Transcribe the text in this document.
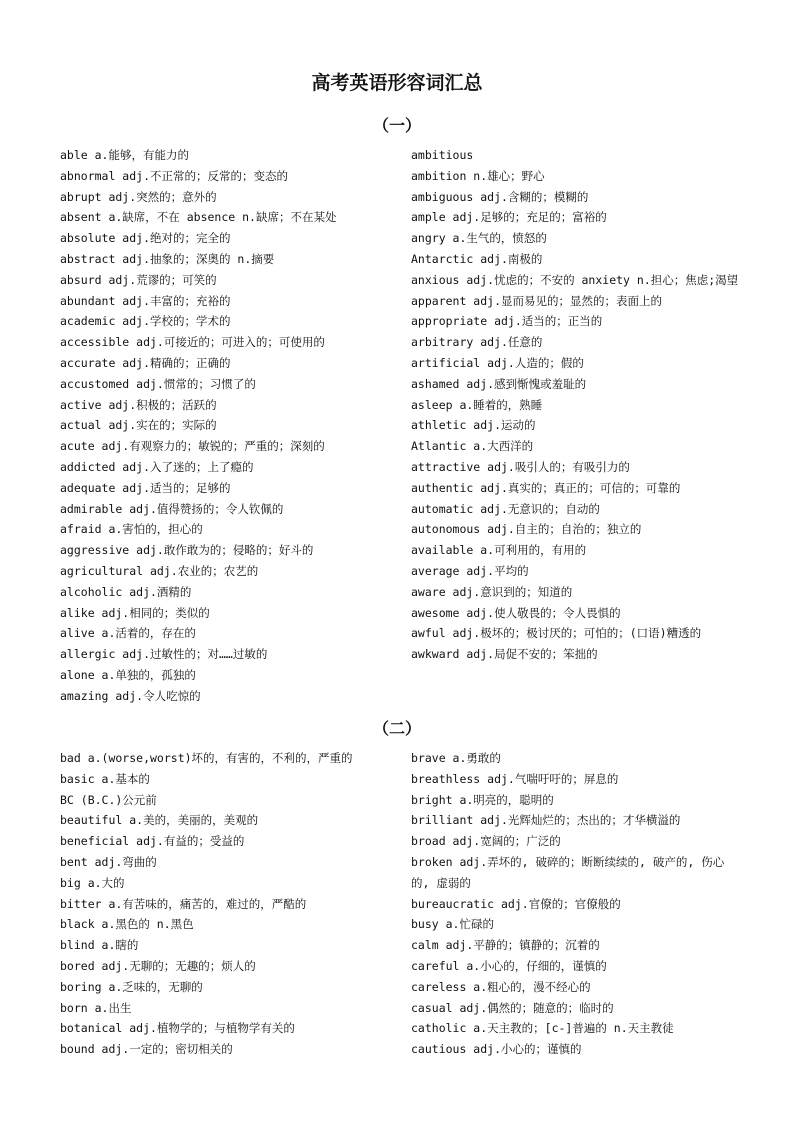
高考英语形容词汇总
（一）
able a.能够，有能力的
abnormal adj.不正常的；反常的；变态的
abrupt adj.突然的；意外的
absent a.缺席，不在 absence n.缺席；不在某处
absolute adj.绝对的；完全的
abstract adj.抽象的；深奥的 n.摘要
absurd adj.荒谬的；可笑的
abundant adj.丰富的；充裕的
academic adj.学校的；学术的
accessible adj.可接近的；可进入的；可使用的
accurate adj.精确的；正确的
accustomed adj.惯常的；习惯了的
active adj.积极的；活跃的
actual adj.实在的；实际的
acute adj.有观察力的；敏锐的；严重的；深刻的
addicted adj.入了迷的；上了瘾的
adequate adj.适当的；足够的
admirable adj.值得赞扬的；令人钦佩的
afraid a.害怕的，担心的
aggressive adj.敢作敢为的；侵略的；好斗的
agricultural adj.农业的；农艺的
alcoholic adj.酒精的
alike adj.相同的；类似的
alive a.活着的，存在的
allergic adj.过敏性的；对……过敏的
alone a.单独的，孤独的
amazing adj.令人吃惊的
ambitious
ambition n.雄心；野心
ambiguous adj.含糊的；模糊的
ample adj.足够的；充足的；富裕的
angry a.生气的，愤怒的
Antarctic adj.南极的
anxious adj.忧虑的；不安的 anxiety n.担心；焦虑;渴望
apparent adj.显而易见的；显然的；表面上的
appropriate adj.适当的；正当的
arbitrary adj.任意的
artificial adj.人造的；假的
ashamed adj.感到惭愧或羞耻的
asleep a.睡着的，熟睡
athletic adj.运动的
Atlantic a.大西洋的
attractive adj.吸引人的；有吸引力的
authentic adj.真实的；真正的；可信的；可靠的
automatic adj.无意识的；自动的
autonomous adj.自主的；自治的；独立的
available a.可利用的，有用的
average adj.平均的
aware adj.意识到的；知道的
awesome adj.使人敬畏的；令人畏惧的
awful adj.极坏的；极讨厌的；可怕的；(口语)糟透的
awkward adj.局促不安的；笨拙的
（二）
bad a.(worse,worst)坏的，有害的，不利的，严重的
basic a.基本的
BC (B.C.)公元前
beautiful a.美的，美丽的，美观的
beneficial adj.有益的；受益的
bent adj.弯曲的
big a.大的
bitter a.有苦味的，痛苦的，难过的，严酷的
black a.黑色的 n.黑色
blind a.瞎的
bored adj.无聊的；无趣的；烦人的
boring a.乏味的，无聊的
born a.出生
botanical adj.植物学的；与植物学有关的
bound adj.一定的；密切相关的
brave a.勇敢的
breathless adj.气喘吁吁的；屏息的
bright a.明亮的，聪明的
brilliant adj.光辉灿烂的；杰出的；才华横溢的
broad adj.宽阔的；广泛的
broken adj.弄坏的, 破碎的；断断续续的, 破产的, 伤心的, 虚弱的
bureaucratic adj.官僚的；官僚般的
busy a.忙碌的
calm adj.平静的；镇静的；沉着的
careful a.小心的，仔细的，谨慎的
careless a.粗心的，漫不经心的
casual adj.偶然的；随意的；临时的
catholic a.天主教的；[c-]普遍的 n.天主教徒
cautious adj.小心的；谨慎的
